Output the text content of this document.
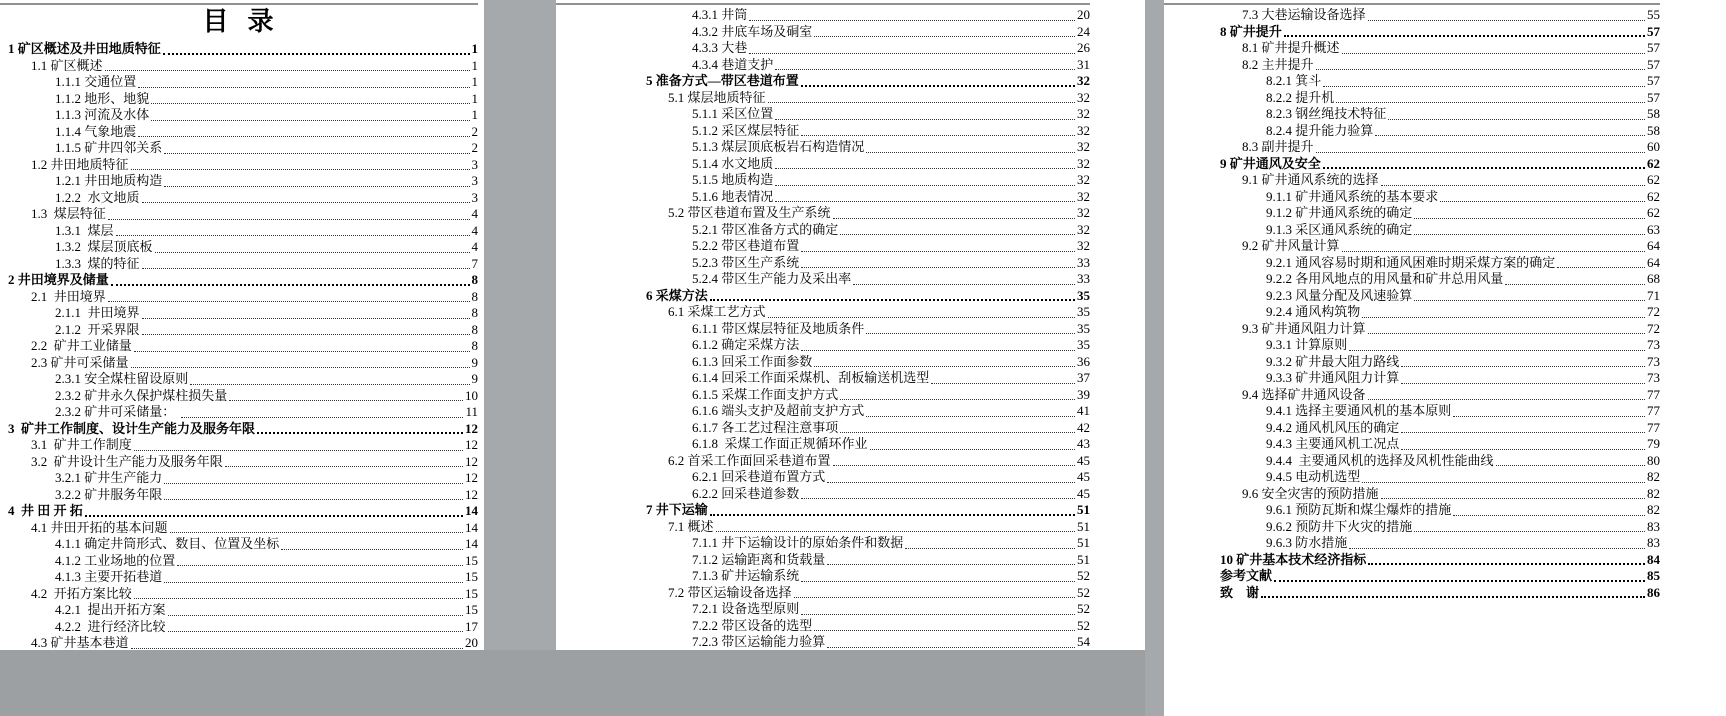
目  录
1 矿区概述及井田地质特征	1
1.1 矿区概述	1
1.1.1 交通位置	1
1.1.2 地形、地貌	1
1.1.3 河流及水体	1
1.1.4 气象地震	2
1.1.5 矿井四邻关系	2
1.2 井田地质特征	3
1.2.1 井田地质构造	3
1.2.2  水文地质	3
1.3  煤层特征	4
1.3.1  煤层	4
1.3.2  煤层顶底板	4
1.3.3  煤的特征	7
2 井田境界及储量	8
2.1  井田境界	8
2.1.1  井田境界	8
2.1.2  开采界限	8
2.2  矿井工业储量	8
2.3 矿井可采储量	9
2.3.1 安全煤柱留设原则	9
2.3.2 矿井永久保护煤柱损失量	10
2.3.2 矿井可采储量：	11
3  矿井工作制度、设计生产能力及服务年限	12
3.1  矿井工作制度	12
3.2  矿井设计生产能力及服务年限	12
3.2.1 矿井生产能力	12
3.2.2 矿井服务年限	12
4  井 田 开 拓	14
4.1 井田开拓的基本问题	14
4.1.1 确定井筒形式、数目、位置及坐标	14
4.1.2 工业场地的位置	15
4.1.3 主要开拓巷道	15
4.2  开拓方案比较	15
4.2.1  提出开拓方案	15
4.2.2  进行经济比较	17
4.3 矿井基本巷道	20
4.3.1 井筒	20
4.3.2 井底车场及硐室	24
4.3.3 大巷	26
4.3.4 巷道支护	31
5 准备方式—带区巷道布置	32
5.1 煤层地质特征	32
5.1.1 采区位置	32
5.1.2 采区煤层特征	32
5.1.3 煤层顶底板岩石构造情况	32
5.1.4 水文地质	32
5.1.5 地质构造	32
5.1.6 地表情况	32
5.2 带区巷道布置及生产系统	32
5.2.1 带区准备方式的确定	32
5.2.2 带区巷道布置	32
5.2.3 带区生产系统	33
5.2.4 带区生产能力及采出率	33
6 采煤方法	35
6.1 采煤工艺方式	35
6.1.1 带区煤层特征及地质条件	35
6.1.2 确定采煤方法	35
6.1.3 回采工作面参数	36
6.1.4 回采工作面采煤机、刮板输送机选型	37
6.1.5 采煤工作面支护方式	39
6.1.6 端头支护及超前支护方式	41
6.1.7 各工艺过程注意事项	42
6.1.8  采煤工作面正规循环作业	43
6.2 首采工作面回采巷道布置	45
6.2.1 回采巷道布置方式	45
6.2.2 回采巷道参数	45
7 井下运输	51
7.1 概述	51
7.1.1 井下运输设计的原始条件和数据	51
7.1.2 运输距离和货载量	51
7.1.3 矿井运输系统	52
7.2 带区运输设备选择	52
7.2.1 设备选型原则	52
7.2.2 带区设备的选型	52
7.2.3 带区运输能力验算	54
7.3 大巷运输设备选择	55
8 矿井提升	57
8.1 矿井提升概述	57
8.2 主井提升	57
8.2.1 箕斗	57
8.2.2 提升机	57
8.2.3 钢丝绳技术特征	58
8.2.4 提升能力验算	58
8.3 副井提升	60
9 矿井通风及安全	62
9.1 矿井通风系统的选择	62
9.1.1 矿井通风系统的基本要求	62
9.1.2 矿井通风系统的确定	62
9.1.3 采区通风系统的确定	63
9.2 矿井风量计算	64
9.2.1 通风容易时期和通风困难时期采煤方案的确定	64
9.2.2 各用风地点的用风量和矿井总用风量	68
9.2.3 风量分配及风速验算	71
9.2.4 通风构筑物	72
9.3 矿井通风阻力计算	72
9.3.1 计算原则	73
9.3.2 矿井最大阻力路线	73
9.3.3 矿井通风阻力计算	73
9.4 选择矿井通风设备	77
9.4.1 选择主要通风机的基本原则	77
9.4.2 通风机风压的确定	77
9.4.3 主要通风机工况点	79
9.4.4  主要通风机的选择及风机性能曲线	80
9.4.5 电动机选型	82
9.6 安全灾害的预防措施	82
9.6.1 预防瓦斯和煤尘爆炸的措施	82
9.6.2 预防井下火灾的措施	83
9.6.3 防水措施	83
10 矿井基本技术经济指标	84
参考文献	85
致    谢	86
